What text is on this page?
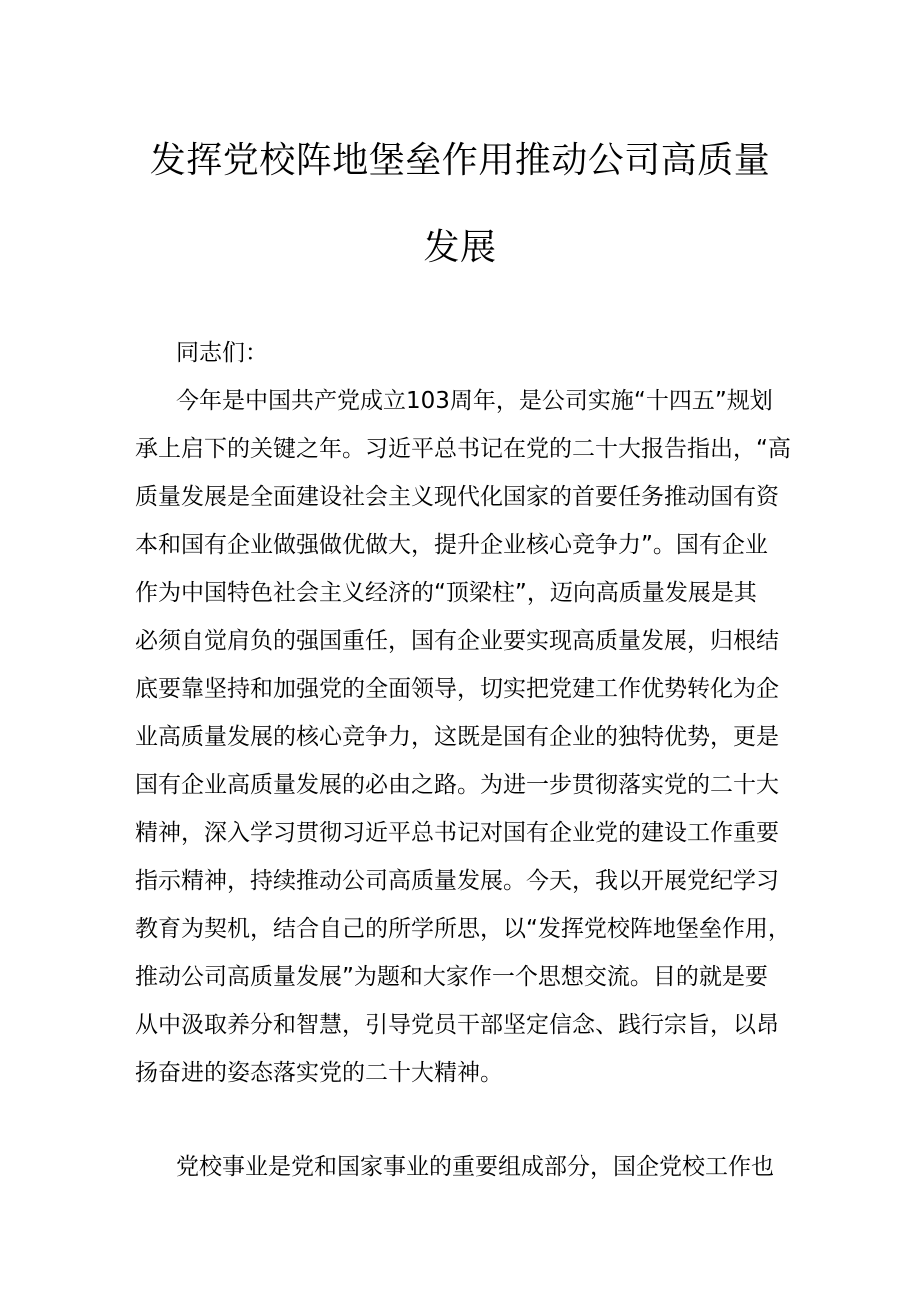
发挥党校阵地堡垒作用推动公司高质量
发展
同志们：
今年是中国共产党成立103周年，是公司实施“十四五”规划
承上启下的关键之年。习近平总书记在党的二十大报告指出，“高
质量发展是全面建设社会主义现代化国家的首要任务推动国有资
本和国有企业做强做优做大，提升企业核心竞争力”。国有企业
作为中国特色社会主义经济的“顶梁柱”，迈向高质量发展是其
必须自觉肩负的强国重任，国有企业要实现高质量发展，归根结
底要靠坚持和加强党的全面领导，切实把党建工作优势转化为企
业高质量发展的核心竞争力，这既是国有企业的独特优势，更是
国有企业高质量发展的必由之路。为进一步贯彻落实党的二十大
精神，深入学习贯彻习近平总书记对国有企业党的建设工作重要
指示精神，持续推动公司高质量发展。今天，我以开展党纪学习
教育为契机，结合自己的所学所思，以“发挥党校阵地堡垒作用，
推动公司高质量发展”为题和大家作一个思想交流。目的就是要
从中汲取养分和智慧，引导党员干部坚定信念、践行宗旨，以昂
扬奋进的姿态落实党的二十大精神。
党校事业是党和国家事业的重要组成部分，国企党校工作也
